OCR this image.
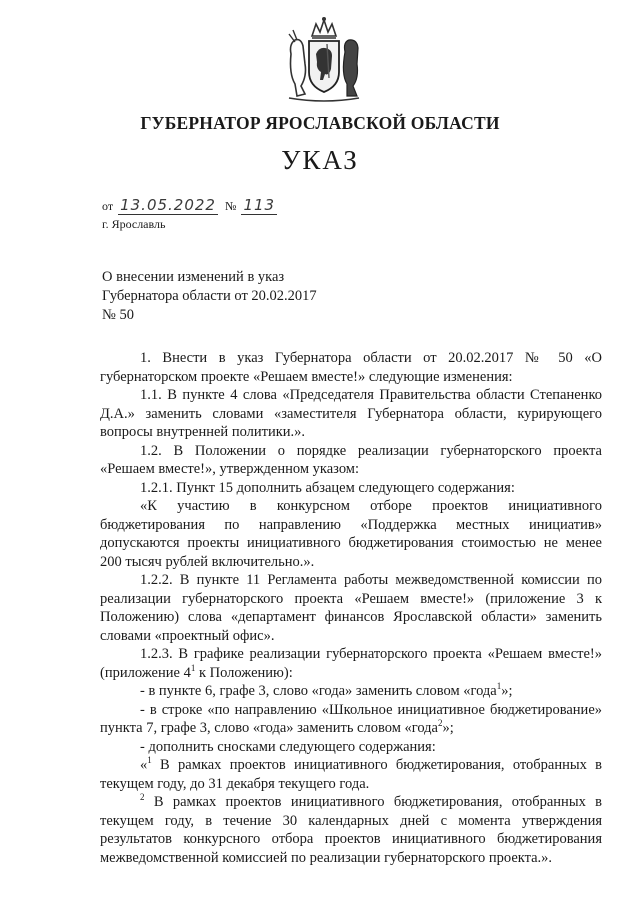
ГУБЕРНАТОР ЯРОСЛАВСКОЙ ОБЛАСТИ
УКАЗ
от 13.05.2022 № 113
г. Ярославль
О внесении изменений в указ
Губернатора области от 20.02.2017
№ 50

1. Внести в указ Губернатора области от 20.02.2017 № 50 «О губернаторском проекте «Решаем вместе!» следующие изменения:

1.1. В пункте 4 слова «Председателя Правительства области Степаненко Д.А.» заменить словами «заместителя Губернатора области, курирующего вопросы внутренней политики.».

1.2. В Положении о порядке реализации губернаторского проекта «Решаем вместе!», утвержденном указом:

1.2.1. Пункт 15 дополнить абзацем следующего содержания:

«К участию в конкурсном отборе проектов инициативного бюджетирования по направлению «Поддержка местных инициатив» допускаются проекты инициативного бюджетирования стоимостью не менее 200 тысяч рублей включительно.».

1.2.2. В пункте 11 Регламента работы межведомственной комиссии по реализации губернаторского проекта «Решаем вместе!» (приложение 3 к Положению) слова «департамент финансов Ярославской области» заменить словами «проектный офис».

1.2.3. В графике реализации губернаторского проекта «Решаем вместе!» (приложение $4^1$ к Положению):

- в пункте 6, графе 3, слово «года» заменить словом «года$^1$»;

- в строке «по направлению «Школьное инициативное бюджетирование» пункта 7, графе 3, слово «года» заменить словом «года$^2$»;

- дополнить сносками следующего содержания:

«$^1$ В рамках проектов инициативного бюджетирования, отобранных в текущем году, до 31 декабря текущего года.

$^2$ В рамках проектов инициативного бюджетирования, отобранных в текущем году, в течение 30 календарных дней с момента утверждения результатов конкурсного отбора проектов инициативного бюджетирования межведомственной комиссией по реализации губернаторского проекта.».
